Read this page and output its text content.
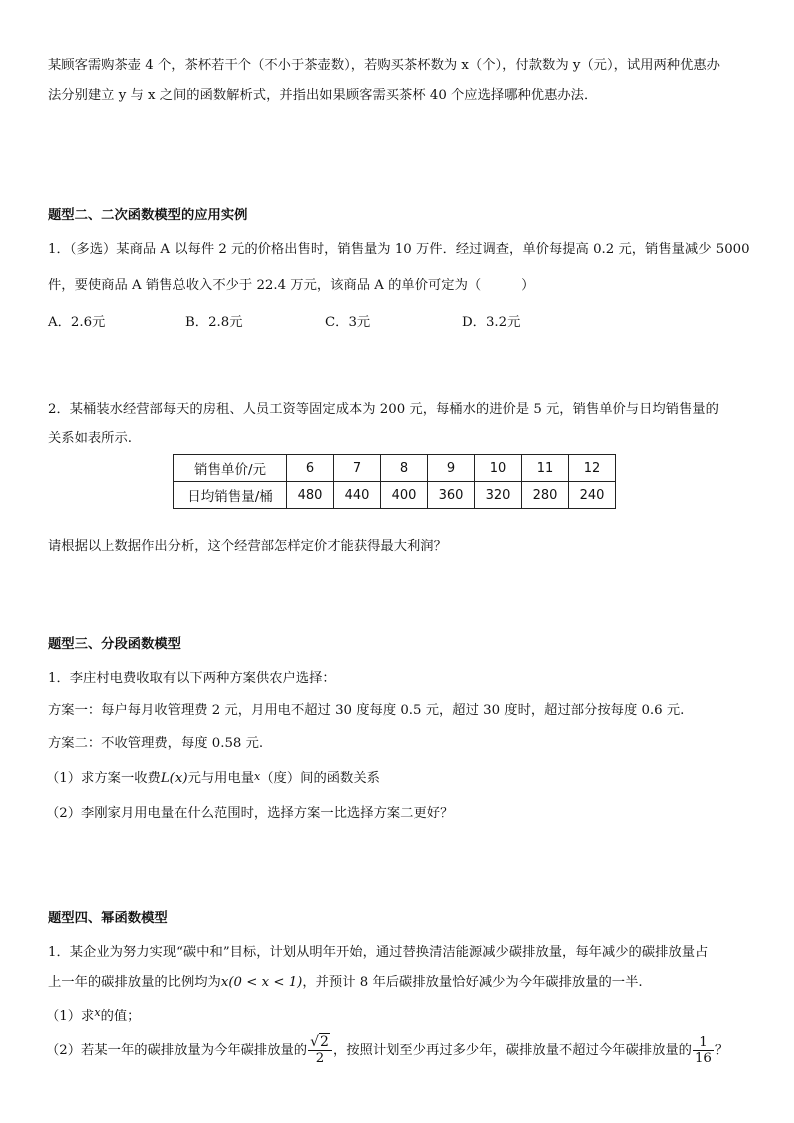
某顾客需购茶壶 4 个，茶杯若干个（不小于茶壶数），若购买茶杯数为 x（个），付款数为 y（元），试用两种优惠办
法分别建立 y 与 x 之间的函数解析式，并指出如果顾客需买茶杯 40 个应选择哪种优惠办法．
题型二、二次函数模型的应用实例
1．（多选）某商品 A 以每件 2 元的价格出售时，销售量为 10 万件．经过调查，单价每提高 0.2 元，销售量减少 5000
件，要使商品 A 销售总收入不少于 22.4 万元，该商品 A 的单价可定为（　　　）
A．2.6元	B．2.8元	C．3元	D．3.2元
2．某桶装水经营部每天的房租、人员工资等固定成本为 200 元，每桶水的进价是 5 元，销售单价与日均销售量的
关系如表所示.
销售单价/元	6	7	8	9	10	11	12
日均销售量/桶	480	440	400	360	320	280	240
请根据以上数据作出分析，这个经营部怎样定价才能获得最大利润？
题型三、分段函数模型
1．李庄村电费收取有以下两种方案供农户选择：
方案一：每户每月收管理费 2 元，月用电不超过 30 度每度 0.5 元，超过 30 度时，超过部分按每度 0.6 元.
方案二：不收管理费，每度 0.58 元.
（1）求方案一收费L(x)元与用电量x（度）间的函数关系
（2）李刚家月用电量在什么范围时，选择方案一比选择方案二更好？
题型四、幂函数模型
1．某企业为努力实现“碳中和”目标，计划从明年开始，通过替换清洁能源减少碳排放量，每年减少的碳排放量占
上一年的碳排放量的比例均为x(0 < x < 1)，并预计 8 年后碳排放量恰好减少为今年碳排放量的一半.
（1）求$^x$的值；
（2）若某一年的碳排放量为今年碳排放量的 $\frac{√2}{2}$ ，按照计划至少再过多少年，碳排放量不超过今年碳排放量的 $\frac{1}{16}$ ？
